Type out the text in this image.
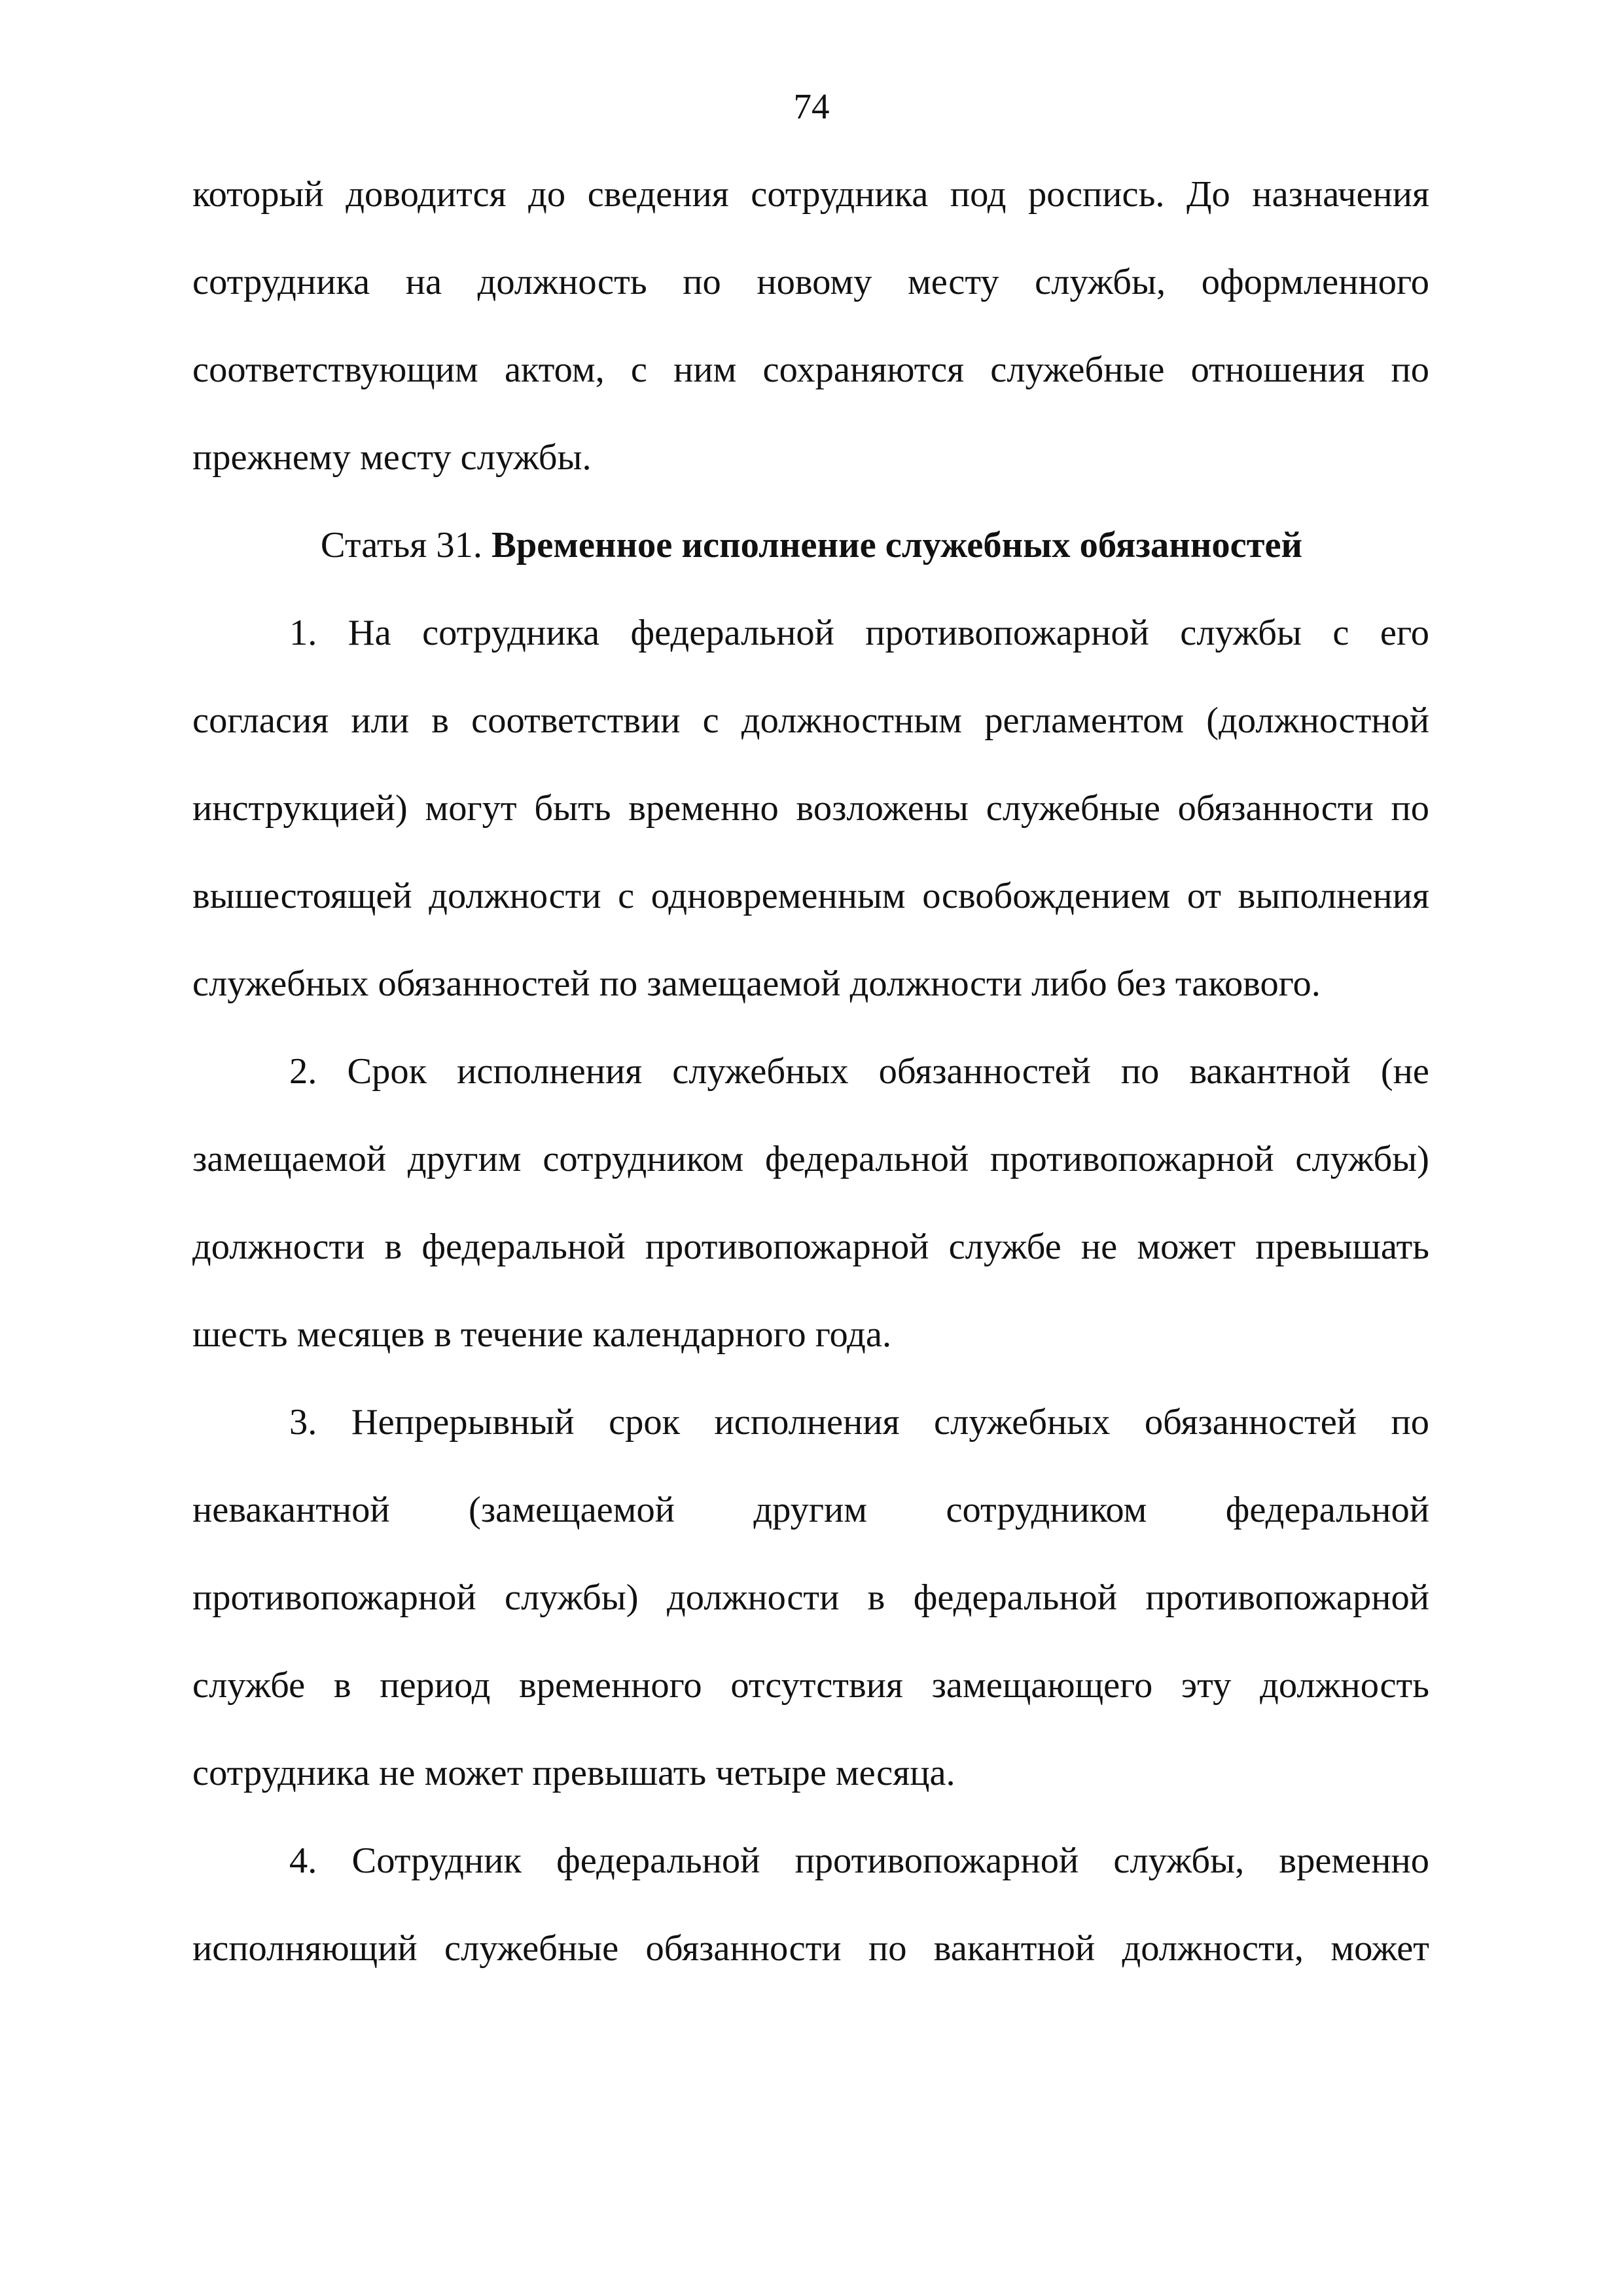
74
который доводится до сведения сотрудника под роспись. До назначения
сотрудника на должность по новому месту службы, оформленного
соответствующим актом, с ним сохраняются служебные отношения по
прежнему месту службы.
Статья 31. Временное исполнение служебных обязанностей
1. На сотрудника федеральной противопожарной службы с его
согласия или в соответствии с должностным регламентом (должностной
инструкцией) могут быть временно возложены служебные обязанности по
вышестоящей должности с одновременным освобождением от выполнения
служебных обязанностей по замещаемой должности либо без такового.
2. Срок исполнения служебных обязанностей по вакантной (не
замещаемой другим сотрудником федеральной противопожарной службы)
должности в федеральной противопожарной службе не может превышать
шесть месяцев в течение календарного года.
3. Непрерывный срок исполнения служебных обязанностей по
невакантной (замещаемой другим сотрудником федеральной
противопожарной службы) должности в федеральной противопожарной
службе в период временного отсутствия замещающего эту должность
сотрудника не может превышать четыре месяца.
4. Сотрудник федеральной противопожарной службы, временно
исполняющий служебные обязанности по вакантной должности, может
